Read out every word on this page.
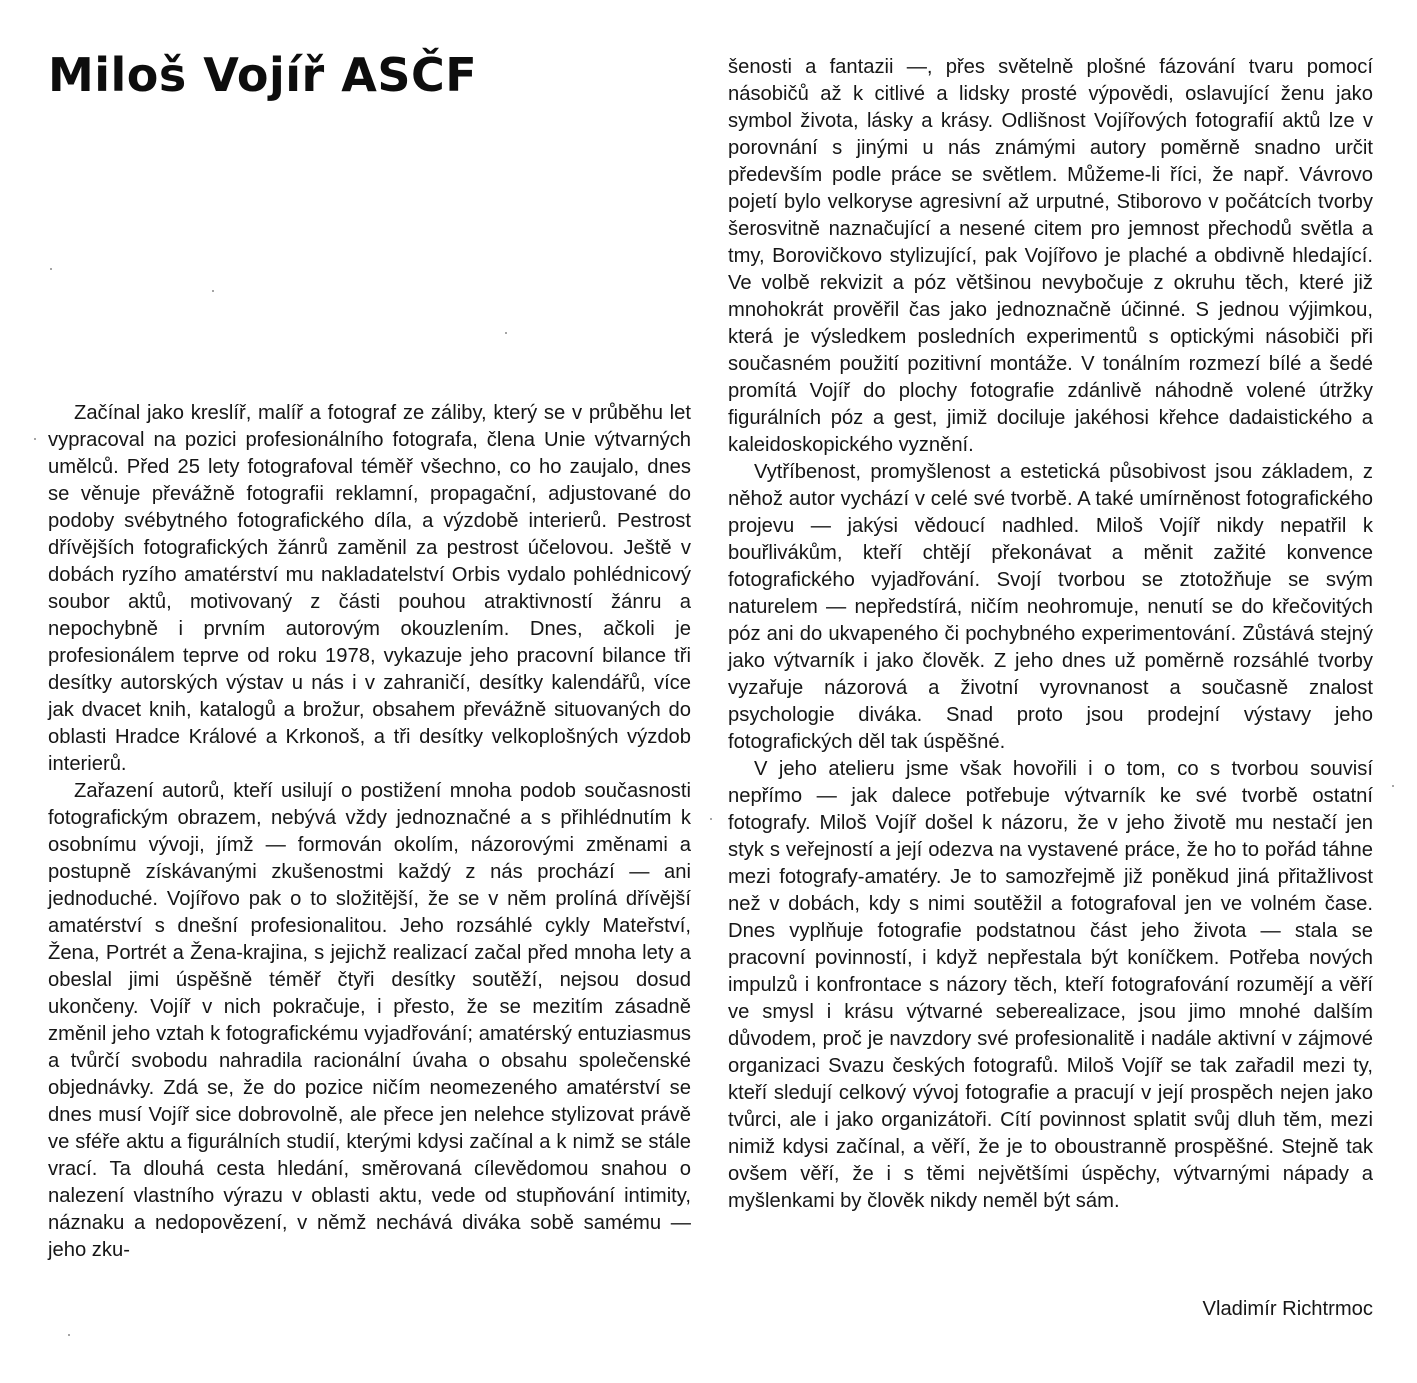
Miloš Vojíř ASČF

Začínal jako kreslíř, malíř a fotograf ze záliby, který se v průběhu let vypracoval na pozici profesionálního fotografa, člena Unie výtvarných umělců. Před 25 lety fotografoval téměř všechno, co ho zaujalo, dnes se věnuje převážně fotografii reklamní, propagační, adjustované do podoby svébytného fotografického díla, a výzdobě interierů. Pestrost dřívějších fotografických žánrů zaměnil za pestrost účelovou. Ještě v dobách ryzího amatérství mu nakladatelství Orbis vydalo pohlédnicový soubor aktů, motivovaný z části pouhou atraktivností žánru a nepochybně i prvním autorovým okouzlením. Dnes, ačkoli je profesionálem teprve od roku 1978, vykazuje jeho pracovní bilance tři desítky autorských výstav u nás i v zahraničí, desítky kalendářů, více jak dvacet knih, katalogů a brožur, obsahem převážně situovaných do oblasti Hradce Králové a Krkonoš, a tři desítky velkoplošných výzdob interierů.

Zařazení autorů, kteří usilují o postižení mnoha podob současnosti fotografickým obrazem, nebývá vždy jednoznačné a s přihlédnutím k osobnímu vývoji, jímž — formován okolím, názorovými změnami a postupně získávanými zkušenostmi každý z nás prochází — ani jednoduché. Vojířovo pak o to složitější, že se v něm prolíná dřívější amatérství s dnešní profesionalitou. Jeho rozsáhlé cykly Mateřství, Žena, Portrét a Žena-krajina, s jejichž realizací začal před mnoha lety a obeslal jimi úspěšně téměř čtyři desítky soutěží, nejsou dosud ukončeny. Vojíř v nich pokračuje, i přesto, že se mezitím zásadně změnil jeho vztah k fotografickému vyjadřování; amatérský entuziasmus a tvůrčí svobodu nahradila racionální úvaha o obsahu společenské objednávky. Zdá se, že do pozice ničím neomezeného amatérství se dnes musí Vojíř sice dobrovolně, ale přece jen nelehce stylizovat právě ve sféře aktu a figurálních studií, kterými kdysi začínal a k nimž se stále vrací. Ta dlouhá cesta hledání, směrovaná cílevědomou snahou o nalezení vlastního výrazu v oblasti aktu, vede od stupňování intimity, náznaku a nedopovězení, v němž nechává diváka sobě samému — jeho zku-

šenosti a fantazii —, přes světelně plošné fázování tvaru pomocí násobičů až k citlivé a lidsky prosté výpovědi, oslavující ženu jako symbol života, lásky a krásy. Odlišnost Vojířových fotografií aktů lze v porovnání s jinými u nás známými autory poměrně snadno určit především podle práce se světlem. Můžeme-li říci, že např. Vávrovo pojetí bylo velkoryse agresivní až urputné, Stiborovo v počátcích tvorby šerosvitně naznačující a nesené citem pro jemnost přechodů světla a tmy, Borovičkovo stylizující, pak Vojířovo je plaché a obdivně hledající. Ve volbě rekvizit a póz většinou nevybočuje z okruhu těch, které již mnohokrát prověřil čas jako jednoznačně účinné. S jednou výjimkou, která je výsledkem posledních experimentů s optickými násobiči při současném použití pozitivní montáže. V tonálním rozmezí bílé a šedé promítá Vojíř do plochy fotografie zdánlivě náhodně volené útržky figurálních póz a gest, jimiž dociluje jakéhosi křehce dadaistického a kaleidoskopického vyznění.

Vytříbenost, promyšlenost a estetická působivost jsou základem, z něhož autor vychází v celé své tvorbě. A také umírněnost fotografického projevu — jakýsi vědoucí nadhled. Miloš Vojíř nikdy nepatřil k bouřlivákům, kteří chtějí překonávat a měnit zažité konvence fotografického vyjadřování. Svojí tvorbou se ztotožňuje se svým naturelem — nepředstírá, ničím neohromuje, nenutí se do křečovitých póz ani do ukvapeného či pochybného experimentování. Zůstává stejný jako výtvarník i jako člověk. Z jeho dnes už poměrně rozsáhlé tvorby vyzařuje názorová a životní vyrovnanost a současně znalost psychologie diváka. Snad proto jsou prodejní výstavy jeho fotografických děl tak úspěšné.

V jeho atelieru jsme však hovořili i o tom, co s tvorbou souvisí nepřímo — jak dalece potřebuje výtvarník ke své tvorbě ostatní fotografy. Miloš Vojíř došel k názoru, že v jeho životě mu nestačí jen styk s veřejností a její odezva na vystavené práce, že ho to pořád táhne mezi fotografy-amatéry. Je to samozřejmě již poněkud jiná přitažlivost než v dobách, kdy s nimi soutěžil a fotografoval jen ve volném čase. Dnes vyplňuje fotografie podstatnou část jeho života — stala se pracovní povinností, i když nepřestala být koníčkem. Potřeba nových impulzů i konfrontace s názory těch, kteří fotografování rozumějí a věří ve smysl i krásu výtvarné seberealizace, jsou jimo mnohé dalším důvodem, proč je navzdory své profesionalitě i nadále aktivní v zájmové organizaci Svazu českých fotografů. Miloš Vojíř se tak zařadil mezi ty, kteří sledují celkový vývoj fotografie a pracují v její prospěch nejen jako tvůrci, ale i jako organizátoři. Cítí povinnost splatit svůj dluh těm, mezi nimiž kdysi začínal, a věří, že je to oboustranně prospěšné. Stejně tak ovšem věří, že i s těmi největšími úspěchy, výtvarnými nápady a myšlenkami by člověk nikdy neměl být sám.

Vladimír Richtrmoc
